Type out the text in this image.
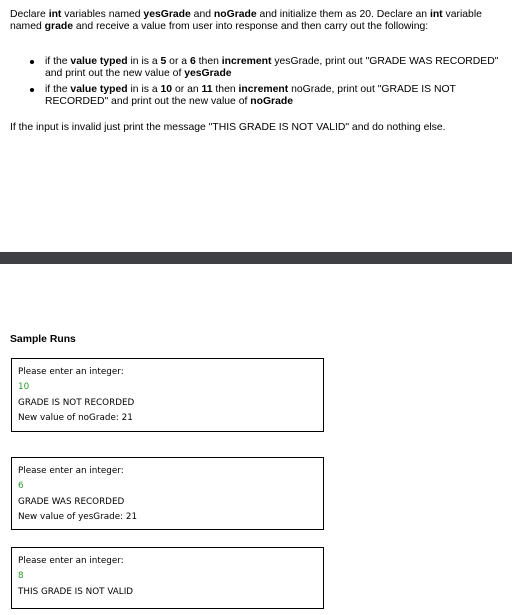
Declare int variables named yesGrade and noGrade and initialize them as 20. Declare an int variable named grade and receive a value from user into response and then carry out the following:
if the value typed in is a 5 or a 6 then increment yesGrade, print out "GRADE WAS RECORDED" and print out the new value of yesGrade
if the value typed in is a 10 or an 11 then increment noGrade, print out "GRADE IS NOT RECORDED" and print out the new value of noGrade
If the input is invalid just print the message "THIS GRADE IS NOT VALID" and do nothing else.
Sample Runs
Please enter an integer:
10
GRADE IS NOT RECORDED
New value of noGrade: 21
Please enter an integer:
6
GRADE WAS RECORDED
New value of yesGrade: 21
Please enter an integer:
8
THIS GRADE IS NOT VALID
